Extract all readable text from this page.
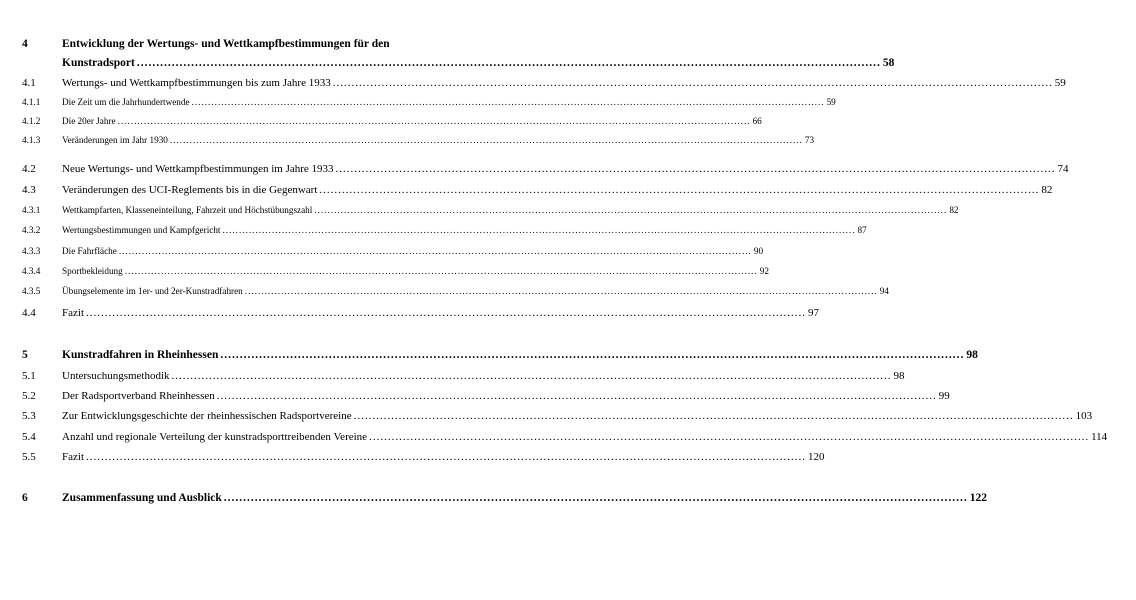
4	Entwicklung der Wertungs- und Wettkampfbestimmungen für den
Kunstradsport .....	58
4.1	Wertungs- und Wettkampfbestimmungen bis zum Jahre 1933 .....	59
4.1.1	Die Zeit um die Jahrhundertwende .....	59
4.1.2	Die 20er Jahre .....	66
4.1.3	Veränderungen im Jahr 1930 .....	73
4.2	Neue Wertungs- und Wettkampfbestimmungen im Jahre 1933 .....	74
4.3	Veränderungen des UCI-Reglements bis in die Gegenwart .....	82
4.3.1	Wettkampfarten, Klasseneinteilung, Fahrzeit und Höchstübungszahl .....	82
4.3.2	Wertungsbestimmungen und Kampfgericht .....	87
4.3.3	Die Fahrfläche .....	90
4.3.4	Sportbekleidung .....	92
4.3.5	Übungselemente im 1er- und 2er-Kunstradfahren .....	94
4.4	Fazit .....	97
5	Kunstradfahren in Rheinhessen .....	98
5.1	Untersuchungsmethodik .....	98
5.2	Der Radsportverband Rheinhessen .....	99
5.3	Zur Entwicklungsgeschichte der rheinhessischen Radsportvereine .....	103
5.4	Anzahl und regionale Verteilung der kunstradsporttreibenden Vereine .....	114
5.5	Fazit .....	120
6	Zusammenfassung und Ausblick .....	122
